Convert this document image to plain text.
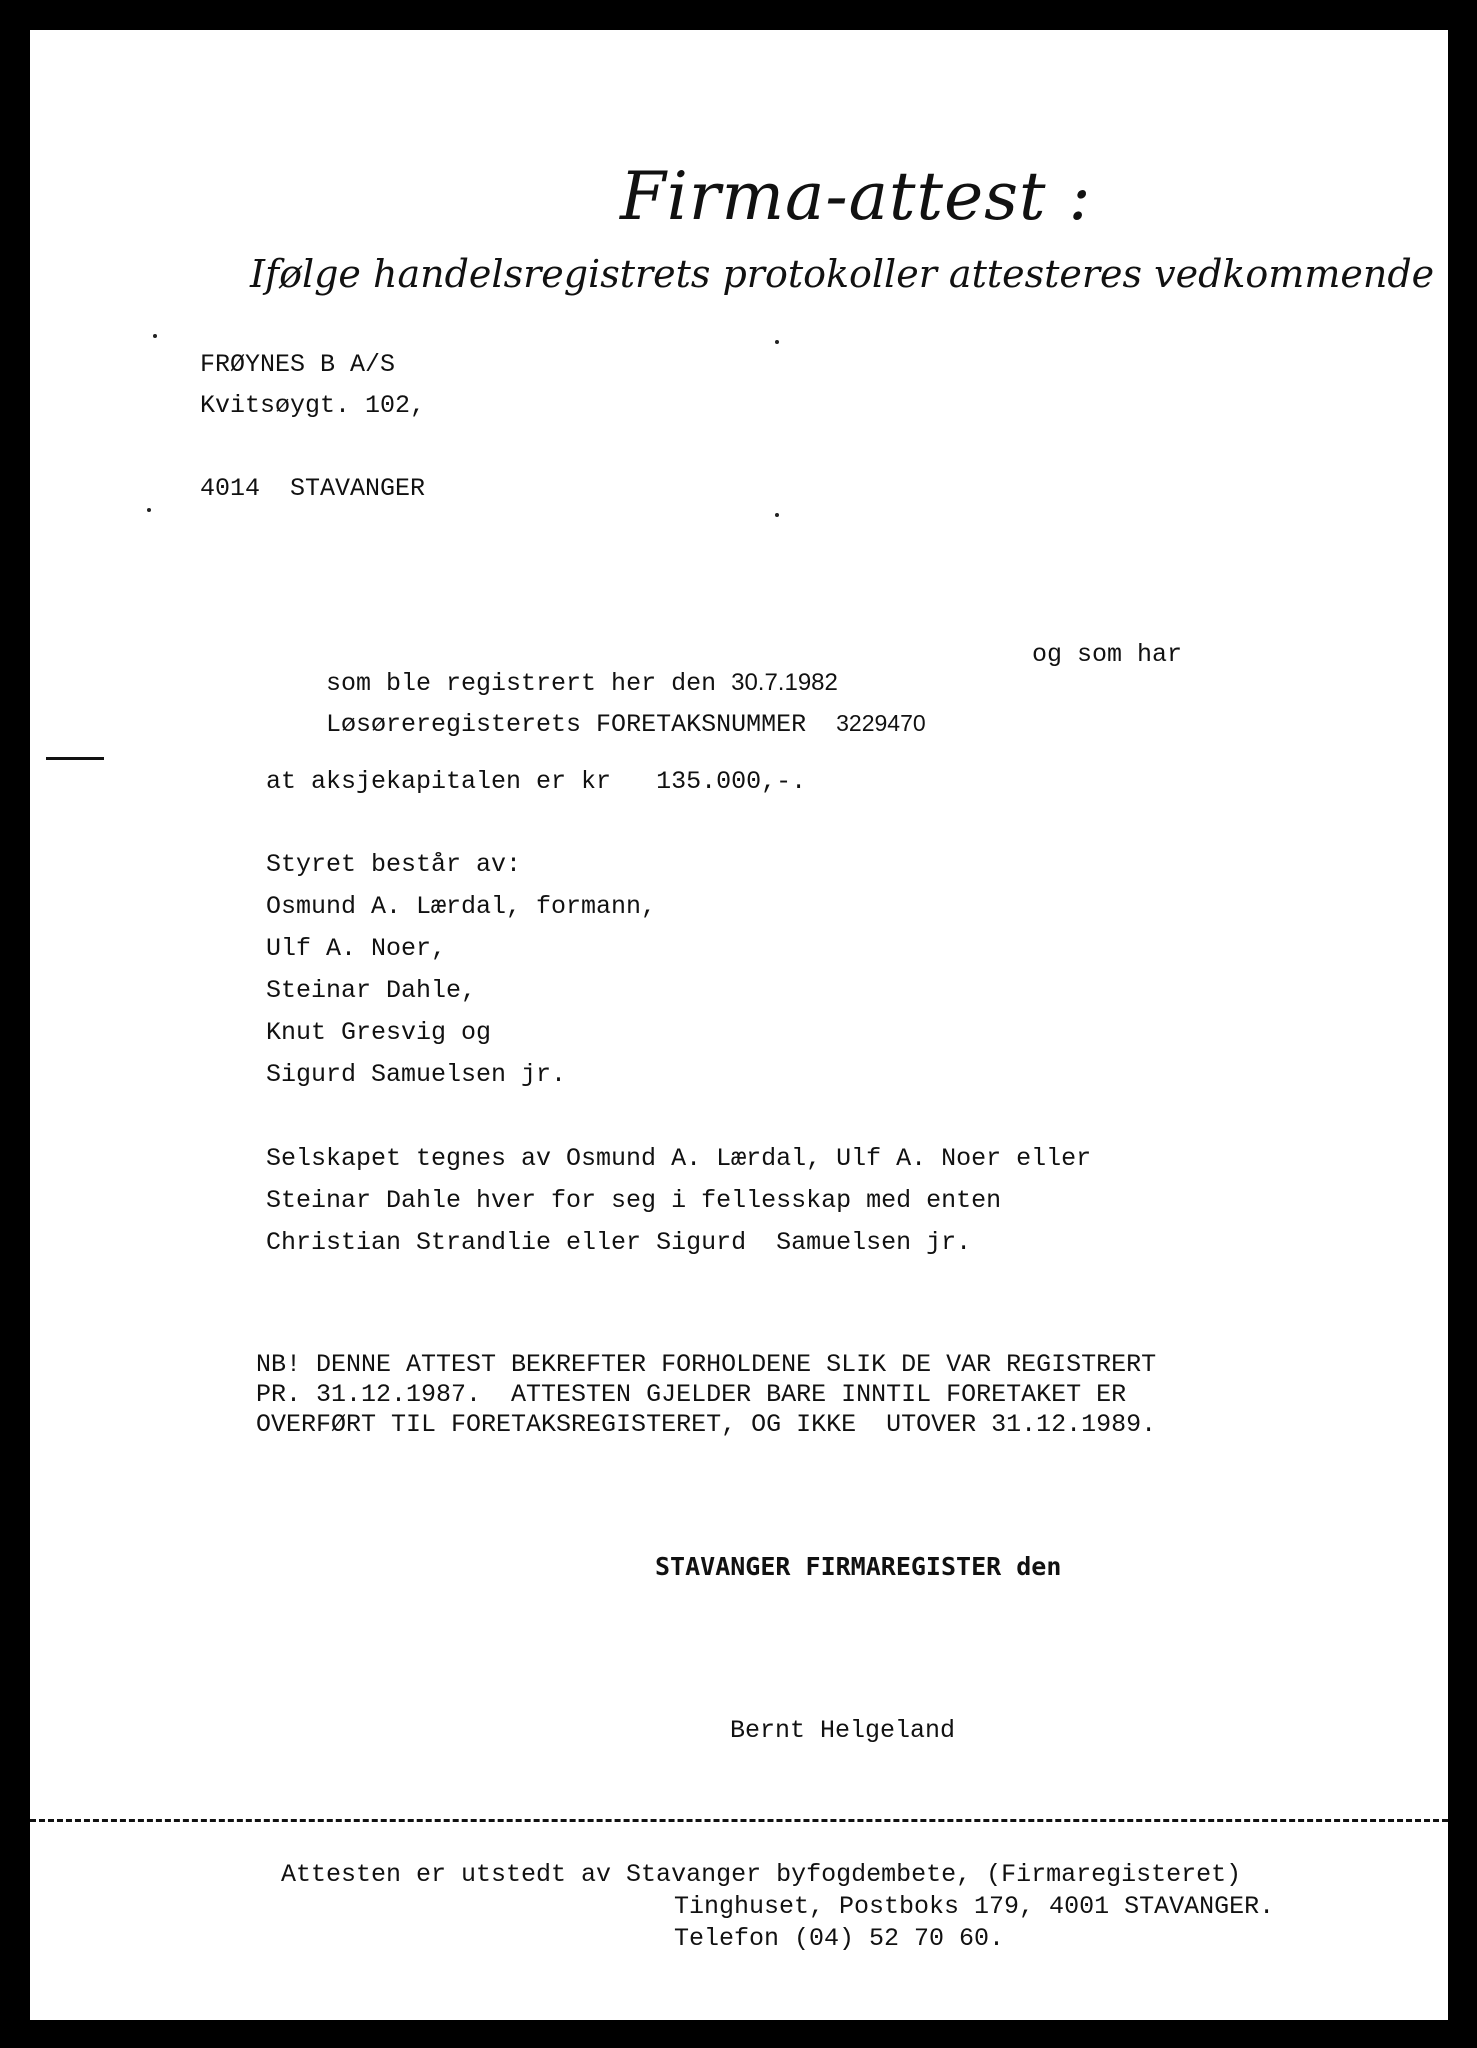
Firma-attest :
Ifølge handelsregistrets protokoller attesteres vedkommende
FRØYNES B A/S
Kvitsøygt. 102,
4014  STAVANGER

som ble registrert her den 30.7.1982

og som har

Løsøreregisterets FORETAKSNUMMER  3229470

at aksjekapitalen er kr   135.000,-.
Styret består av:
Osmund A. Lærdal, formann,
Ulf A. Noer,
Steinar Dahle,
Knut Gresvig og
Sigurd Samuelsen jr.
Selskapet tegnes av Osmund A. Lærdal, Ulf A. Noer eller
Steinar Dahle hver for seg i fellesskap med enten
Christian Strandlie eller Sigurd  Samuelsen jr.
NB! DENNE ATTEST BEKREFTER FORHOLDENE SLIK DE VAR REGISTRERT
PR. 31.12.1987.  ATTESTEN GJELDER BARE INNTIL FORETAKET ER
OVERFØRT TIL FORETAKSREGISTERET, OG IKKE  UTOVER 31.12.1989.
STAVANGER FIRMAREGISTER den
Bernt Helgeland
Attesten er utstedt av Stavanger byfogdembete, (Firmaregisteret)
Tinghuset, Postboks 179, 4001 STAVANGER.
Telefon (04) 52 70 60.
